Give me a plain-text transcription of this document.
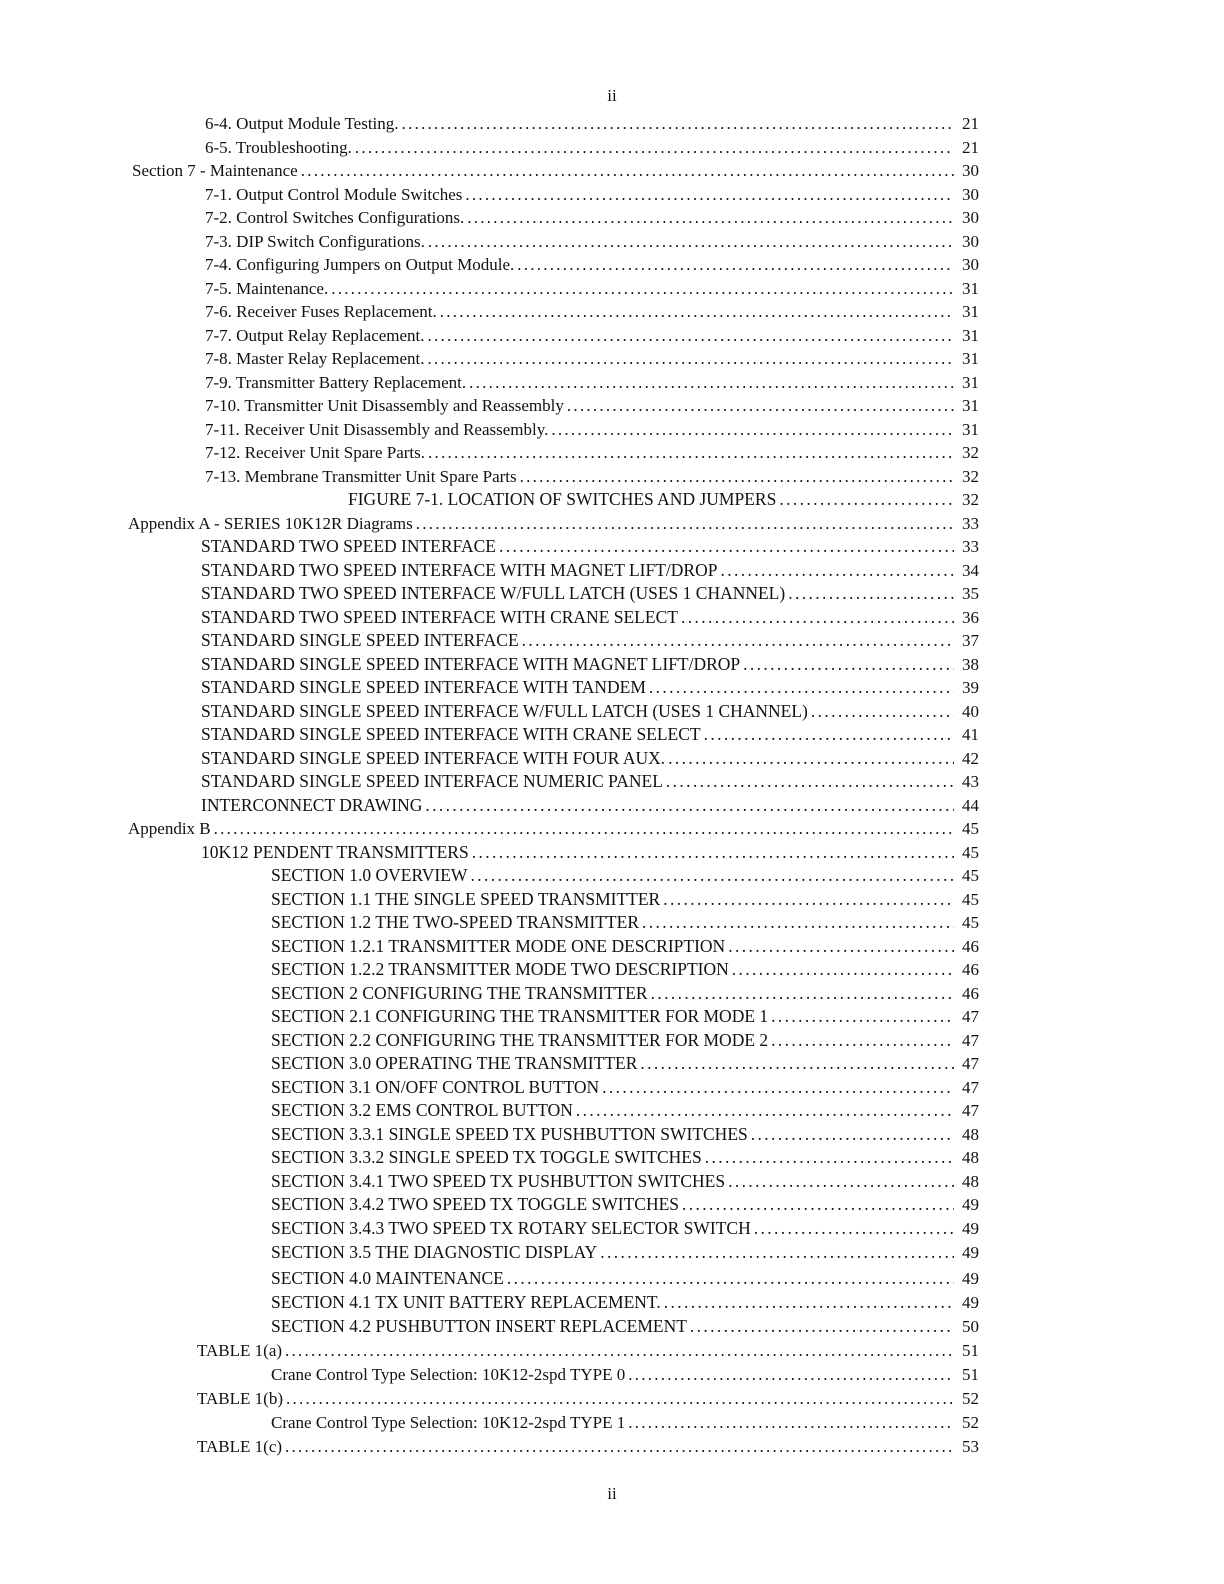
ii
6-4. Output Module Testing. . . .	21
6-5. Troubleshooting. . . .	21
Section 7 - Maintenance . . .	30
7-1. Output Control Module Switches . . .	30
7-2. Control Switches Configurations. . . .	30
7-3. DIP Switch Configurations. . . .	30
7-4. Configuring Jumpers on Output Module. . . .	30
7-5. Maintenance. . . .	31
7-6. Receiver Fuses Replacement. . . .	31
7-7. Output Relay Replacement. . . .	31
7-8. Master Relay Replacement. . . .	31
7-9. Transmitter Battery Replacement. . . .	31
7-10. Transmitter Unit Disassembly and Reassembly . . .	31
7-11. Receiver Unit Disassembly and Reassembly. . . .	31
7-12. Receiver Unit Spare Parts. . . .	32
7-13. Membrane Transmitter Unit Spare Parts . . .	32
FIGURE 7-1. LOCATION OF SWITCHES AND JUMPERS . . .	32
Appendix A - SERIES 10K12R Diagrams . . .	33
STANDARD TWO SPEED INTERFACE . . .	33
STANDARD TWO SPEED INTERFACE WITH MAGNET LIFT/DROP . . .	34
STANDARD TWO SPEED INTERFACE W/FULL LATCH (USES 1 CHANNEL) . . .	35
STANDARD TWO SPEED INTERFACE WITH CRANE SELECT . . .	36
STANDARD SINGLE SPEED INTERFACE . . .	37
STANDARD SINGLE SPEED INTERFACE WITH MAGNET LIFT/DROP . . .	38
STANDARD SINGLE SPEED INTERFACE WITH TANDEM . . .	39
STANDARD SINGLE SPEED INTERFACE W/FULL LATCH (USES 1 CHANNEL) . . .	40
STANDARD SINGLE SPEED INTERFACE WITH CRANE SELECT . . .	41
STANDARD SINGLE SPEED INTERFACE WITH FOUR AUX. . . .	42
STANDARD SINGLE SPEED INTERFACE NUMERIC PANEL . . .	43
INTERCONNECT DRAWING . . .	44
Appendix B . . .	45
10K12 PENDENT TRANSMITTERS . . .	45
SECTION 1.0 OVERVIEW . . .	45
SECTION 1.1 THE SINGLE SPEED TRANSMITTER . . .	45
SECTION 1.2 THE TWO-SPEED TRANSMITTER . . .	45
SECTION 1.2.1 TRANSMITTER MODE ONE DESCRIPTION . . .	46
SECTION 1.2.2 TRANSMITTER MODE TWO DESCRIPTION . . .	46
SECTION 2 CONFIGURING THE TRANSMITTER . . .	46
SECTION 2.1 CONFIGURING THE TRANSMITTER FOR MODE 1 . . .	47
SECTION 2.2 CONFIGURING THE TRANSMITTER FOR MODE 2 . . .	47
SECTION 3.0 OPERATING THE TRANSMITTER . . .	47
SECTION 3.1 ON/OFF CONTROL BUTTON . . .	47
SECTION 3.2 EMS CONTROL BUTTON . . .	47
SECTION 3.3.1 SINGLE SPEED TX PUSHBUTTON SWITCHES . . .	48
SECTION 3.3.2 SINGLE SPEED TX TOGGLE SWITCHES . . .	48
SECTION 3.4.1 TWO SPEED TX PUSHBUTTON SWITCHES . . .	48
SECTION 3.4.2 TWO SPEED TX TOGGLE SWITCHES . . .	49
SECTION 3.4.3 TWO SPEED TX ROTARY SELECTOR SWITCH . . .	49
SECTION 3.5 THE DIAGNOSTIC DISPLAY . . .	49
SECTION 4.0 MAINTENANCE . . .	49
SECTION 4.1 TX UNIT BATTERY REPLACEMENT. . . .	49
SECTION 4.2 PUSHBUTTON INSERT REPLACEMENT . . .	50
TABLE 1(a) . . .	51
Crane Control Type Selection: 10K12-2spd TYPE 0 . . .	51
TABLE 1(b) . . .	52
Crane Control Type Selection: 10K12-2spd TYPE 1 . . .	52
TABLE 1(c) . . .	53
ii
